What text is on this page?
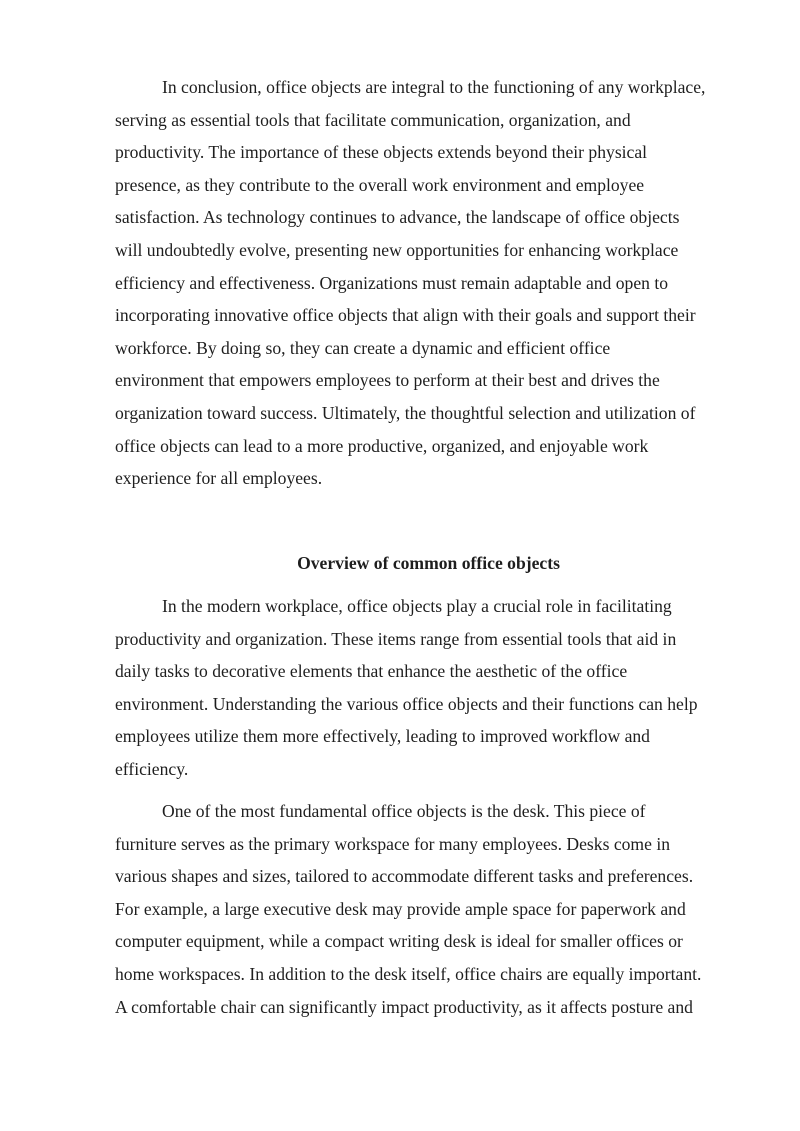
In conclusion, office objects are integral to the functioning of any workplace,
serving as essential tools that facilitate communication, organization, and
productivity. The importance of these objects extends beyond their physical
presence, as they contribute to the overall work environment and employee
satisfaction. As technology continues to advance, the landscape of office objects
will undoubtedly evolve, presenting new opportunities for enhancing workplace
efficiency and effectiveness. Organizations must remain adaptable and open to
incorporating innovative office objects that align with their goals and support their
workforce. By doing so, they can create a dynamic and efficient office
environment that empowers employees to perform at their best and drives the
organization toward success. Ultimately, the thoughtful selection and utilization of
office objects can lead to a more productive, organized, and enjoyable work
experience for all employees.
Overview of common office objects
In the modern workplace, office objects play a crucial role in facilitating
productivity and organization. These items range from essential tools that aid in
daily tasks to decorative elements that enhance the aesthetic of the office
environment. Understanding the various office objects and their functions can help
employees utilize them more effectively, leading to improved workflow and
efficiency.
One of the most fundamental office objects is the desk. This piece of
furniture serves as the primary workspace for many employees. Desks come in
various shapes and sizes, tailored to accommodate different tasks and preferences.
For example, a large executive desk may provide ample space for paperwork and
computer equipment, while a compact writing desk is ideal for smaller offices or
home workspaces. In addition to the desk itself, office chairs are equally important.
A comfortable chair can significantly impact productivity, as it affects posture and
